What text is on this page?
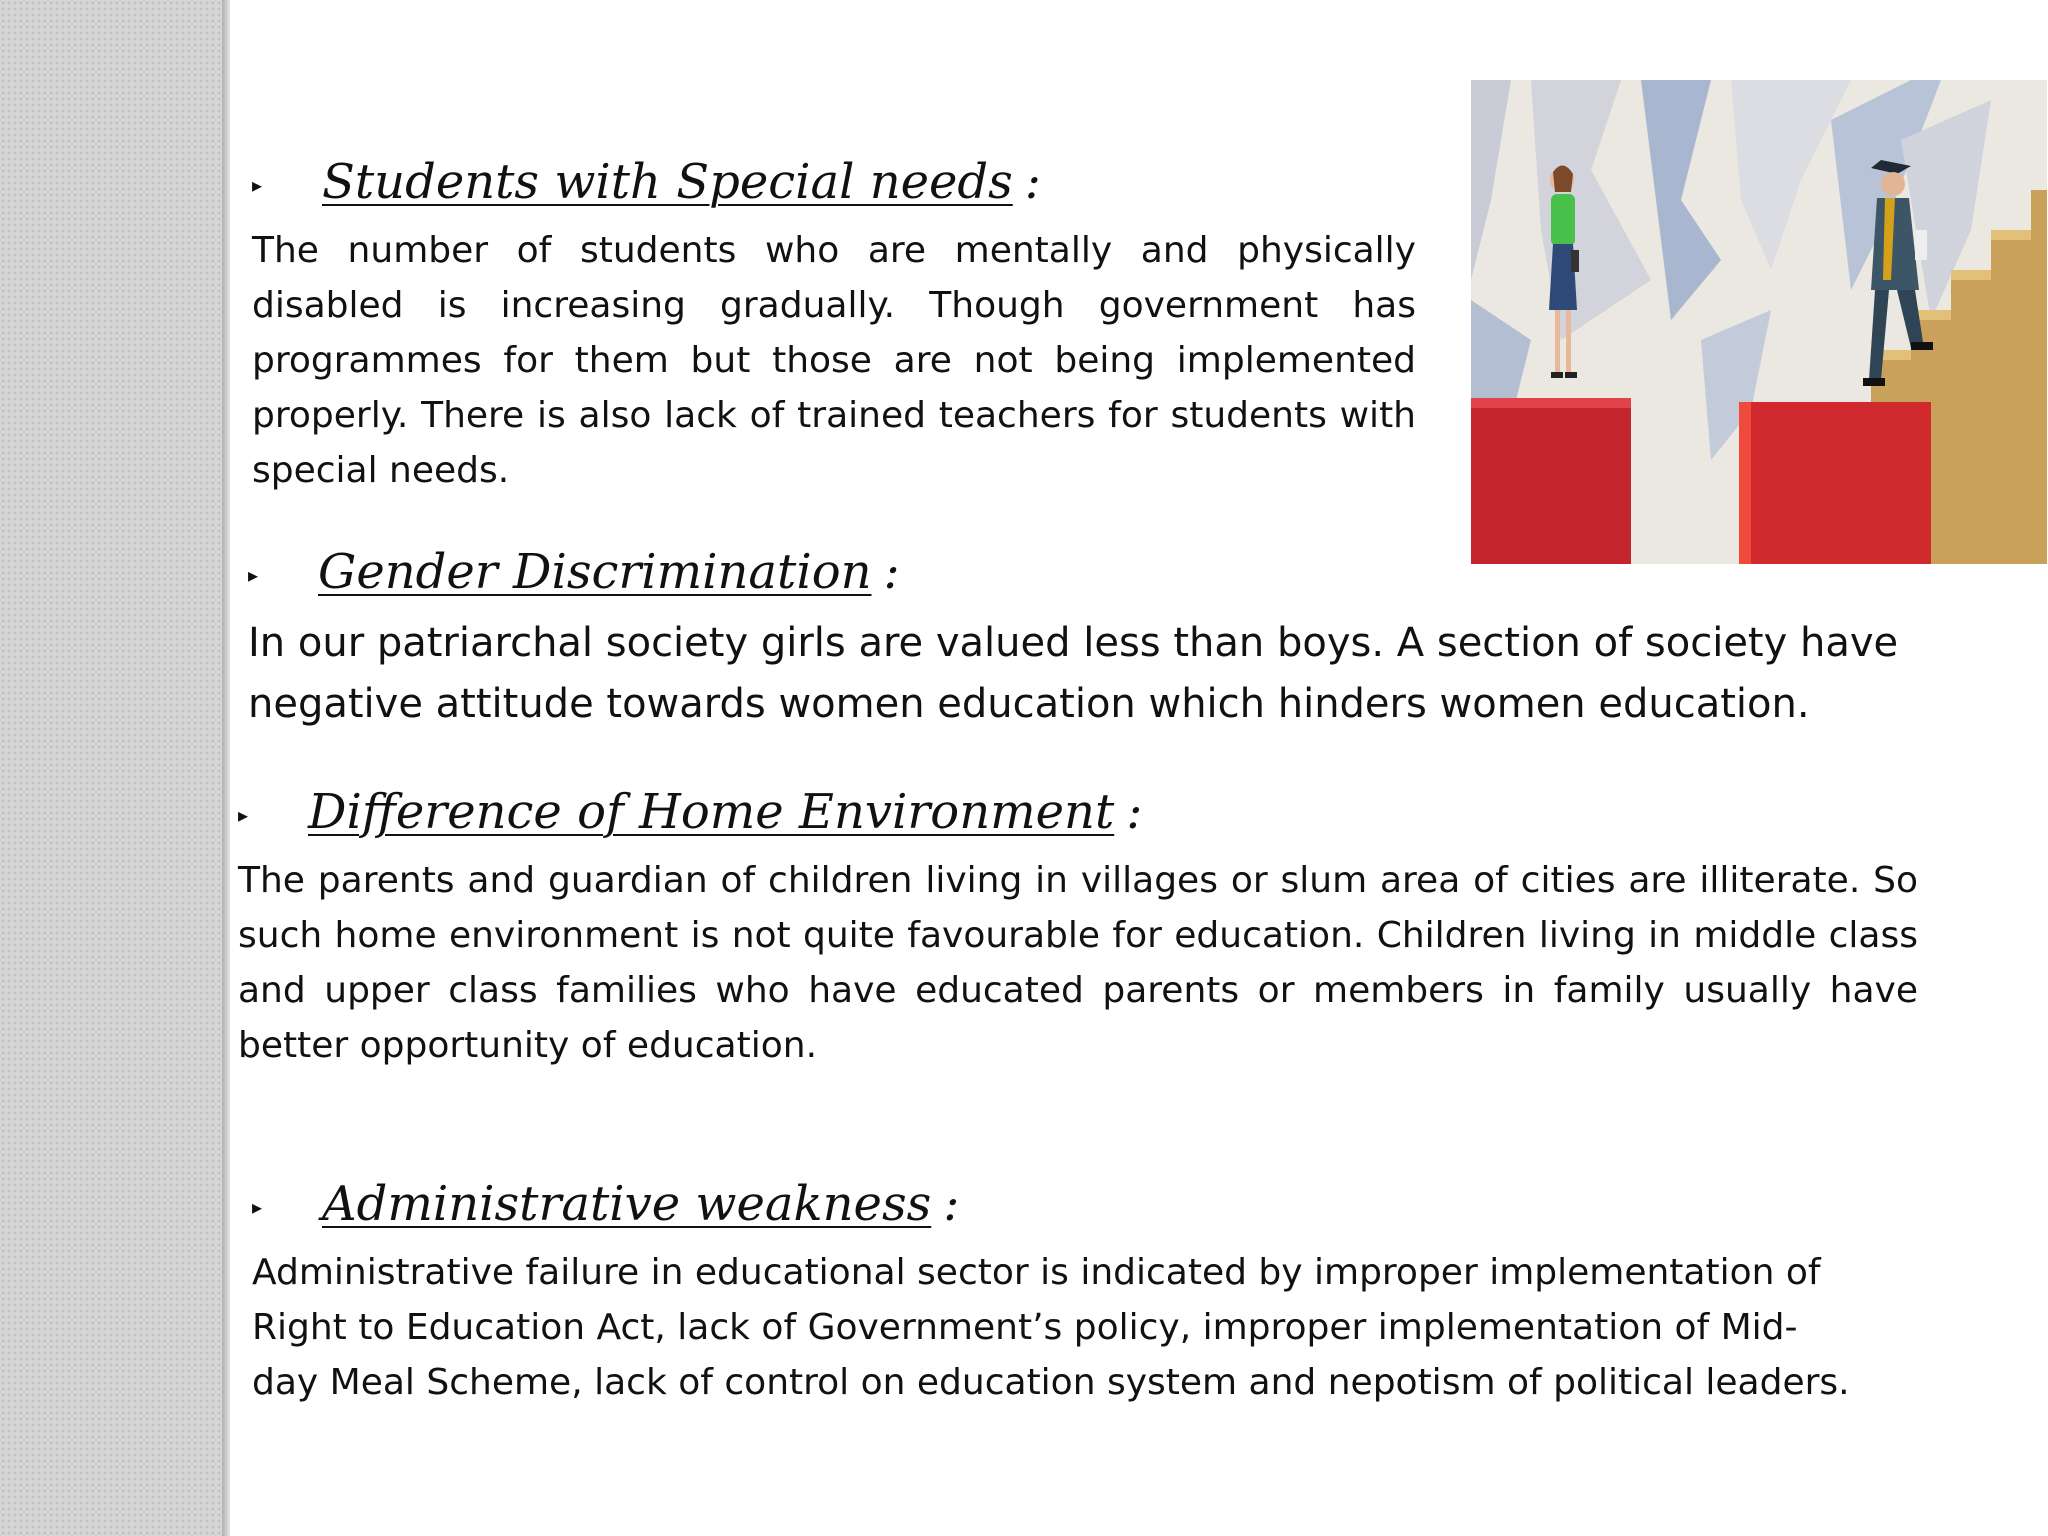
▸	Students with Special needs :

The number of students who are mentally and physically disabled is increasing gradually. Though government has programmes for them but those are not being implemented properly. There is also lack of trained teachers for students with special needs.

▸	Gender Discrimination :

In our patriarchal society girls are valued less than boys. A section of society have negative attitude towards women education which hinders women education.

▸	Difference of Home Environment :

The parents and guardian of children living in villages or slum area of cities are illiterate. So such home environment is not quite favourable for education. Children living in middle class and upper class families who have educated parents or members in family usually have better opportunity of education.

▸	Administrative weakness :
Administrative failure in educational sector is indicated by improper implementation of
Right to Education Act, lack of Government’s policy, improper implementation of Mid-
day Meal Scheme, lack of control on education system and nepotism of political leaders.
